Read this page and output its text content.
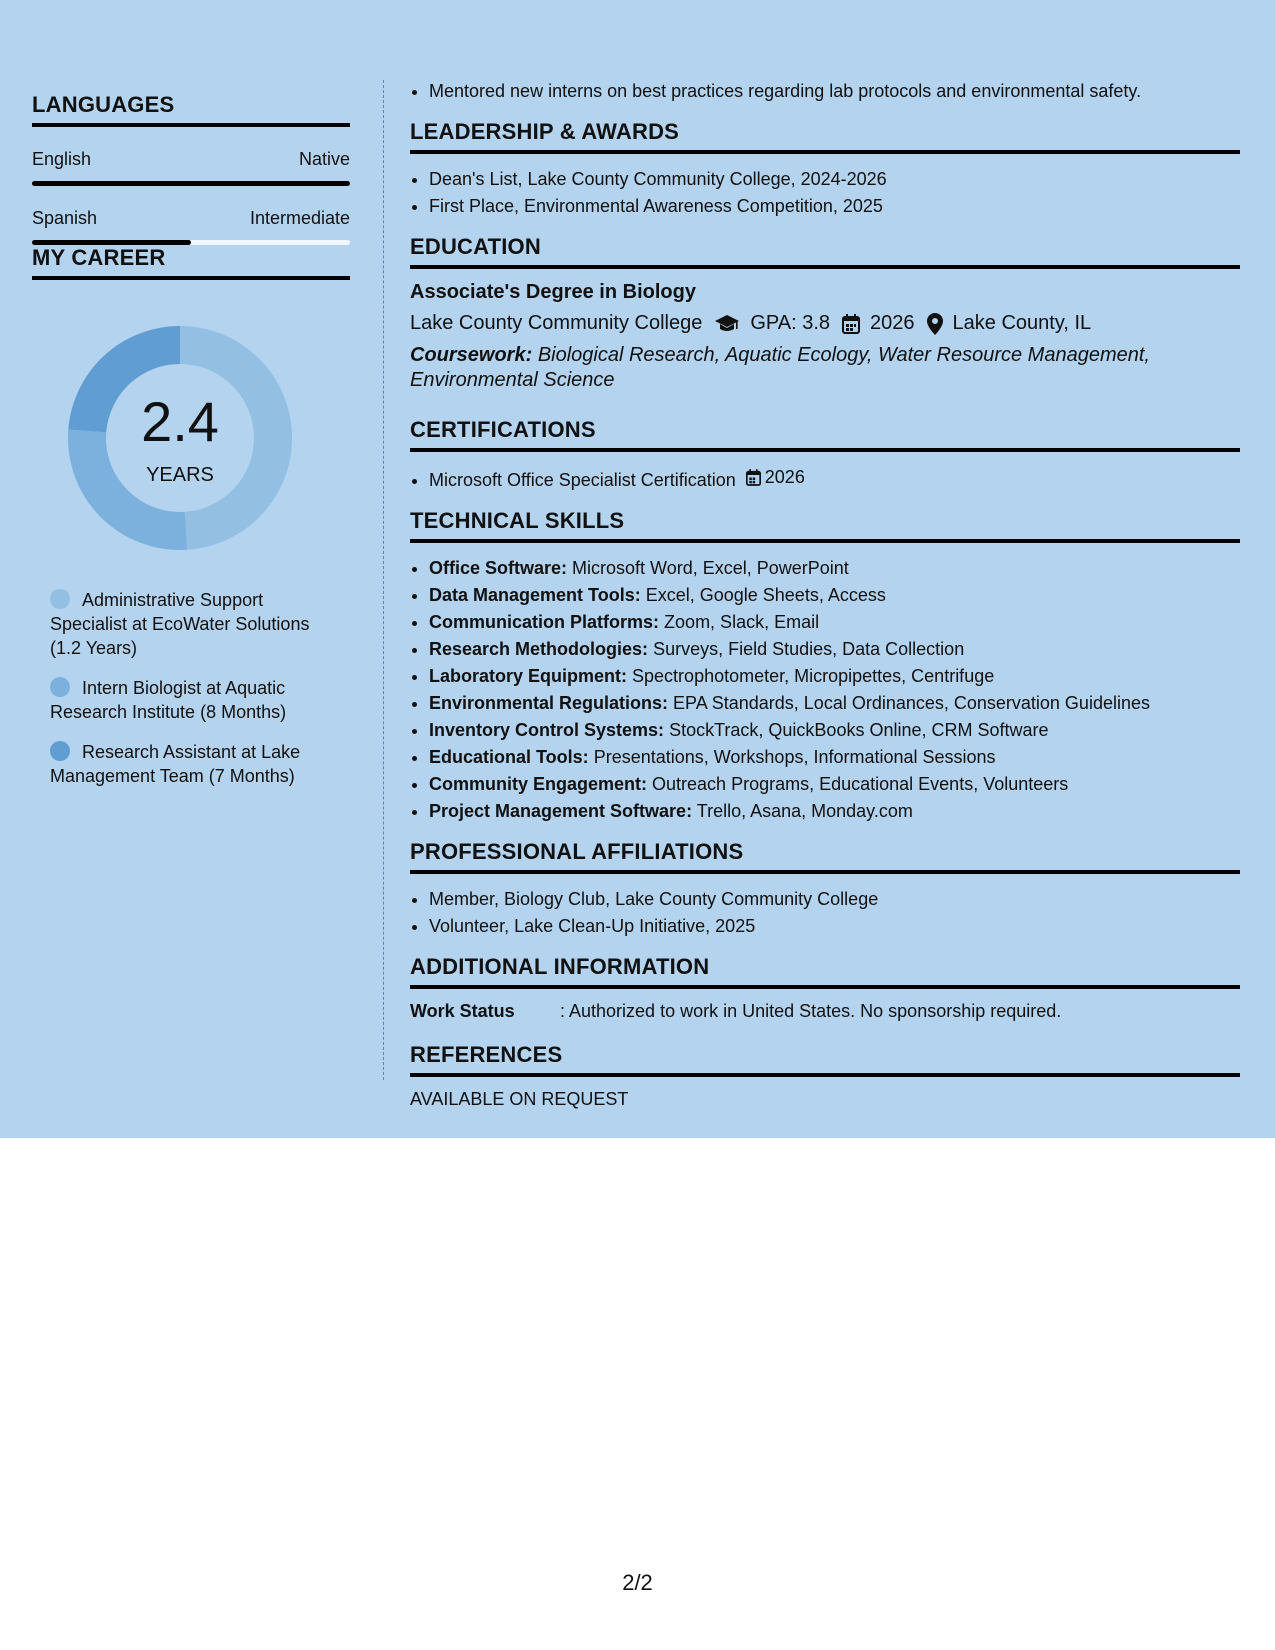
LANGUAGES
English	Native
Spanish	Intermediate
MY CAREER
2.4
YEARS
Administrative Support Specialist at EcoWater Solutions (1.2 Years)
Intern Biologist at Aquatic Research Institute (8 Months)
Research Assistant at Lake Management Team (7 Months)
• Mentored new interns on best practices regarding lab protocols and environmental safety.
LEADERSHIP & AWARDS
• Dean's List, Lake County Community College, 2024-2026
• First Place, Environmental Awareness Competition, 2025
EDUCATION
Associate's Degree in Biology
Lake County Community College GPA: 3.8 2026 Lake County, IL
Coursework: Biological Research, Aquatic Ecology, Water Resource Management, Environmental Science
CERTIFICATIONS
• Microsoft Office Specialist Certification 2026
TECHNICAL SKILLS
• Office Software: Microsoft Word, Excel, PowerPoint
• Data Management Tools: Excel, Google Sheets, Access
• Communication Platforms: Zoom, Slack, Email
• Research Methodologies: Surveys, Field Studies, Data Collection
• Laboratory Equipment: Spectrophotometer, Micropipettes, Centrifuge
• Environmental Regulations: EPA Standards, Local Ordinances, Conservation Guidelines
• Inventory Control Systems: StockTrack, QuickBooks Online, CRM Software
• Educational Tools: Presentations, Workshops, Informational Sessions
• Community Engagement: Outreach Programs, Educational Events, Volunteers
• Project Management Software: Trello, Asana, Monday.com
PROFESSIONAL AFFILIATIONS
• Member, Biology Club, Lake County Community College
• Volunteer, Lake Clean-Up Initiative, 2025
ADDITIONAL INFORMATION
Work Status	: Authorized to work in United States. No sponsorship required.
REFERENCES
AVAILABLE ON REQUEST
2/2
